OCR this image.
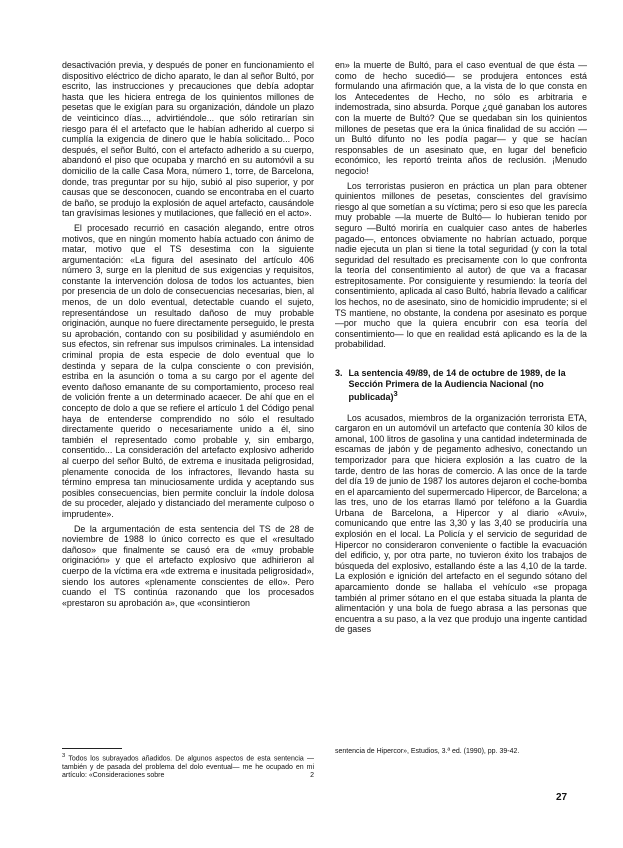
desactivación previa, y después de poner en funcionamiento el dispositivo eléctrico de dicho aparato, le dan al señor Bultó, por escrito, las instrucciones y precauciones que debía adoptar hasta que les hiciera entrega de los quinientos millones de pesetas que le exigían para su organización, dándole un plazo de veinticinco días..., advirtiéndole... que sólo retirarían sin riesgo para él el artefacto que le habían adherido al cuerpo si cumplía la exigencia de dinero que le había solicitado... Poco después, el señor Bultó, con el artefacto adherido a su cuerpo, abandonó el piso que ocupaba y marchó en su automóvil a su domicilio de la calle Casa Mora, número 1, torre, de Barcelona, donde, tras preguntar por su hijo, subió al piso superior, y por causas que se desconocen, cuando se encontraba en el cuarto de baño, se produjo la explosión de aquel artefacto, causándole tan gravísimas lesiones y mutilaciones, que falleció en el acto».

El procesado recurrió en casación alegando, entre otros motivos, que en ningún momento había actuado con ánimo de matar, motivo que el TS desestima con la siguiente argumentación: «La figura del asesinato del artículo 406 número 3, surge en la plenitud de sus exigencias y requisitos, constante la intervención dolosa de todos los actuantes, bien por presencia de un dolo de consecuencias necesarias, bien, al menos, de un dolo eventual, detectable cuando el sujeto, representándose un resultado dañoso de muy probable originación, aunque no fuere directamente perseguido, le presta su aprobación, contando con su posibilidad y asumiéndolo en sus efectos, sin refrenar sus impulsos criminales. La intensidad criminal propia de esta especie de dolo eventual que lo destinda y separa de la culpa consciente o con previsión, estriba en la asunción o toma a su cargo por el agente del evento dañoso emanante de su comportamiento, proceso real de volición frente a un determinado acaecer. De ahí que en el concepto de dolo a que se refiere el artículo 1 del Código penal haya de entenderse comprendido no sólo el resultado directamente querido o necesariamente unido a él, sino también el representado como probable y, sin embargo, consentido... La consideración del artefacto explosivo adherido al cuerpo del señor Bultó, de extrema e inusitada peligrosidad, plenamente conocida de los infractores, llevando hasta su término empresa tan minuciosamente urdida y aceptando sus posibles consecuencias, bien permite concluir la índole dolosa de su proceder, alejado y distanciado del meramente culposo o imprudente».

De la argumentación de esta sentencia del TS de 28 de noviembre de 1988 lo único correcto es que el «resultado dañoso» que finalmente se causó era de «muy probable originación» y que el artefacto explosivo que adhirieron al cuerpo de la víctima era «de extrema e inusitada peligrosidad», siendo los autores «plenamente conscientes de ello». Pero cuando el TS continúa razonando que los procesados «prestaron su aprobación a», que «consintieron

en» la muerte de Bultó, para el caso eventual de que ésta —como de hecho sucedió— se produjera entonces está formulando una afirmación que, a la vista de lo que consta en los Antecedentes de Hecho, no sólo es arbitraria e indemostrada, sino absurda. Porque ¿qué ganaban los autores con la muerte de Bultó? Que se quedaban sin los quinientos millones de pesetas que era la única finalidad de su acción —un Bultó difunto no les podía pagar— y que se hacían responsables de un asesinato que, en lugar del beneficio económico, les reportó treinta años de reclusión. ¡Menudo negocio!

Los terroristas pusieron en práctica un plan para obtener quinientos millones de pesetas, conscientes del gravísimo riesgo al que sometían a su víctima; pero si eso que les parecía muy probable —la muerte de Bultó— lo hubieran tenido por seguro —Bultó moriría en cualquier caso antes de haberles pagado—, entonces obviamente no habrían actuado, porque nadie ejecuta un plan si tiene la total seguridad (y con la total seguridad del resultado es precisamente con lo que confronta la teoría del consentimiento al autor) de que va a fracasar estrepitosamente. Por consiguiente y resumiendo: la teoría del consentimiento, aplicada al caso Bultó, habría llevado a calificar los hechos, no de asesinato, sino de homicidio imprudente; si el TS mantiene, no obstante, la condena por asesinato es porque —por mucho que la quiera encubrir con esa teoría del consentimiento— lo que en realidad está aplicando es la de la probabilidad.

3. La sentencia 49/89, de 14 de octubre de 1989, de la Sección Primera de la Audiencia Nacional (no publicada)$^3$

Los acusados, miembros de la organización terrorista ETA, cargaron en un automóvil un artefacto que contenía 30 kilos de amonal, 100 litros de gasolina y una cantidad indeterminada de escamas de jabón y de pegamento adhesivo, conectando un temporizador para que hiciera explosión a las cuatro de la tarde, dentro de las horas de comercio. A las once de la tarde del día 19 de junio de 1987 los autores dejaron el coche-bomba en el aparcamiento del supermercado Hipercor, de Barcelona; a las tres, uno de los etarras llamó por teléfono a la Guardia Urbana de Barcelona, a Hipercor y al diario «Avui», comunicando que entre las 3,30 y las 3,40 se produciría una explosión en el local. La Policía y el servicio de seguridad de Hipercor no consideraron conveniente o factible la evacuación del edificio, y, por otra parte, no tuvieron éxito los trabajos de búsqueda del explosivo, estallando éste a las 4,10 de la tarde. La explosión e ignición del artefacto en el segundo sótano del aparcamiento donde se hallaba el vehículo «se propaga también al primer sótano en el que estaba situada la planta de alimentación y una bola de fuego abrasa a las personas que encuentra a su paso, a la vez que produjo una ingente cantidad de gases

$^3$ Todos los subrayados añadidos. De algunos aspectos de esta sentencia —también y de pasada del problema del dolo eventual— me he ocupado en mi artículo: «Consideraciones sobre	2
sentencia de Hipercor», Estudios, 3.ª ed. (1990), pp. 39-42.
27
